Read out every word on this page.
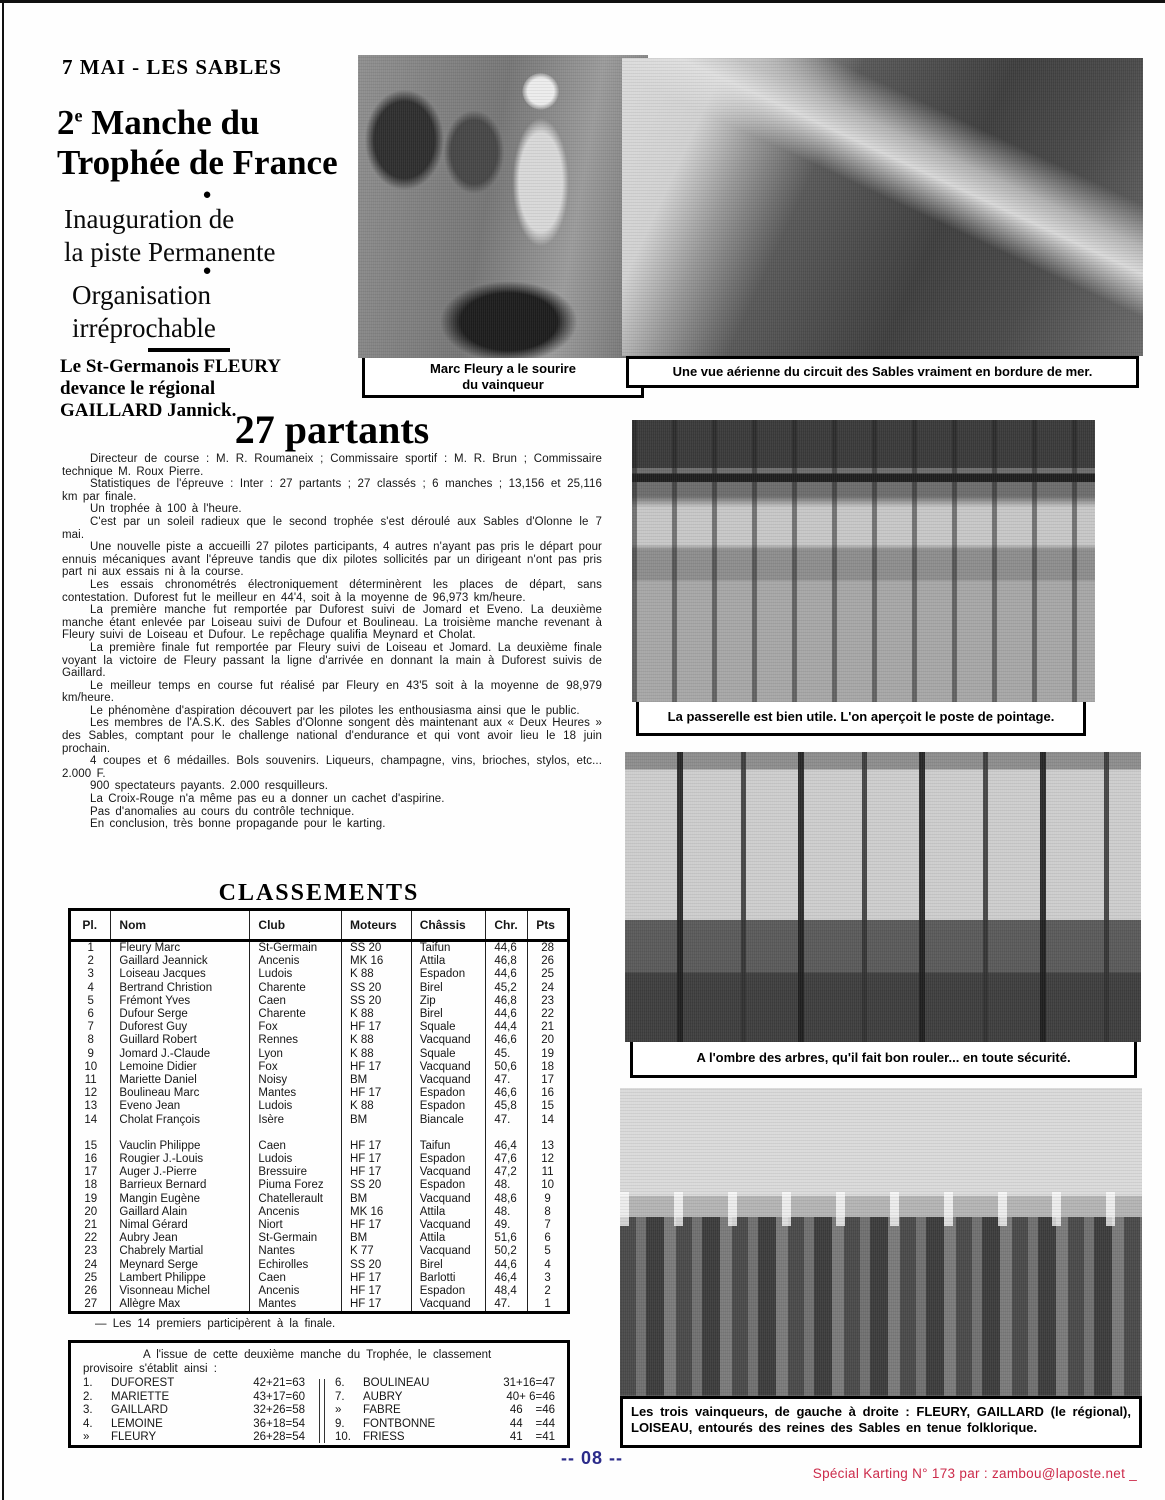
7 MAI - LES SABLES
2e Manche du
Trophée de France
●
Inauguration de
la piste Permanente
●
Organisation
irréprochable
Le St-Germanois FLEURY
devance le régional
GAILLARD Jannick.
Marc Fleury a le sourire
du vainqueur
Une vue aérienne du circuit des Sables vraiment en bordure de mer.
La passerelle est bien utile. L'on aperçoit le poste de pointage.
A l'ombre des arbres, qu'il fait bon rouler... en toute sécurité.
Les trois vainqueurs, de gauche à droite : FLEURY, GAILLARD (le régional), LOISEAU, entourés des reines des Sables en tenue folklorique.
27 partants

Directeur de course : M. R. Roumaneix ; Commissaire sportif : M. R. Brun ; Commissaire technique M. Roux Pierre.

Statistiques de l'épreuve : Inter : 27 partants ; 27 classés ; 6 manches ; 13,156 et 25,116 km par finale.

Un trophée à 100 à l'heure.

C'est par un soleil radieux que le second trophée s'est déroulé aux Sables d'Olonne le 7 mai.

Une nouvelle piste a accueilli 27 pilotes participants, 4 autres n'ayant pas pris le départ pour ennuis mécaniques avant l'épreuve tandis que dix pilotes sollicités par un dirigeant n'ont pas pris part ni aux essais ni à la course.

Les essais chronométrés électroniquement déterminèrent les places de départ, sans contestation. Duforest fut le meilleur en 44'4, soit à la moyenne de 96,973 km/heure.

La première manche fut remportée par Duforest suivi de Jomard et Eveno. La deuxième manche étant enlevée par Loiseau suivi de Dufour et Boulineau. La troisième manche revenant à Fleury suivi de Loiseau et Dufour. Le repêchage qualifia Meynard et Cholat.

La première finale fut remportée par Fleury suivi de Loiseau et Jomard. La deuxième finale voyant la victoire de Fleury passant la ligne d'arrivée en donnant la main à Duforest suivis de Gaillard.

Le meilleur temps en course fut réalisé par Fleury en 43'5 soit à la moyenne de 98,979 km/heure.

Le phénomène d'aspiration découvert par les pilotes les enthousiasma ainsi que le public.

Les membres de l'A.S.K. des Sables d'Olonne songent dès maintenant aux « Deux Heures » des Sables, comptant pour le challenge national d'endurance et qui vont avoir lieu le 18 juin prochain.

4 coupes et 6 médailles. Bols souvenirs. Liqueurs, champagne, vins, brioches, stylos, etc... 2.000 F.

900 spectateurs payants. 2.000 resquilleurs.

La Croix-Rouge n'a même pas eu a donner un cachet d'aspirine.

Pas d'anomalies au cours du contrôle technique.

En conclusion, très bonne propagande pour le karting.

CLASSEMENTS
Pl.	Nom	Club	Moteurs	Châssis	Chr.	Pts
1	Fleury Marc	St-Germain	SS 20	Taifun	44,6	28
2	Gaillard Jeannick	Ancenis	MK 16	Attila	46,8	26
3	Loiseau Jacques	Ludois	K 88	Espadon	44,6	25
4	Bertrand Christion	Charente	SS 20	Birel	45,2	24
5	Frémont Yves	Caen	SS 20	Zip	46,8	23
6	Dufour Serge	Charente	K 88	Birel	44,6	22
7	Duforest Guy	Fox	HF 17	Squale	44,4	21
8	Guillard Robert	Rennes	K 88	Vacquand	46,6	20
9	Jomard J.-Claude	Lyon	K 88	Squale	45.	19
10	Lemoine Didier	Fox	HF 17	Vacquand	50,6	18
11	Mariette Daniel	Noisy	BM	Vacquand	47.	17
12	Boulineau Marc	Mantes	HF 17	Espadon	46,6	16
13	Eveno Jean	Ludois	K 88	Espadon	45,8	15
14	Cholat François	Isère	BM	Biancale	47.	14

15	Vauclin Philippe	Caen	HF 17	Taifun	46,4	13
16	Rougier J.-Louis	Ludois	HF 17	Espadon	47,6	12
17	Auger J.-Pierre	Bressuire	HF 17	Vacquand	47,2	11
18	Barrieux Bernard	Piuma Forez	SS 20	Espadon	48.	10
19	Mangin Eugène	Chatellerault	BM	Vacquand	48,6	9
20	Gaillard Alain	Ancenis	MK 16	Attila	48.	8
21	Nimal Gérard	Niort	HF 17	Vacquand	49.	7
22	Aubry Jean	St-Germain	BM	Attila	51,6	6
23	Chabrely Martial	Nantes	K 77	Vacquand	50,2	5
24	Meynard Serge	Echirolles	SS 20	Birel	44,6	4
25	Lambert Philippe	Caen	HF 17	Barlotti	46,4	3
26	Visonneau Michel	Ancenis	HF 17	Espadon	48,4	2
27	Allègre Max	Mantes	HF 17	Vacquand	47.	1
— Les 14 premiers participèrent à la finale.
A l'issue de cette deuxième manche du Trophée, le classement
provisoire s'établit ainsi :
1.	DUFOREST	42+21=63
2.	MARIETTE	43+17=60
3.	GAILLARD	32+26=58
4.	LEMOINE	36+18=54
»	FLEURY	26+28=54
6.	BOULINEAU	31+16=47
7.	AUBRY	40+ 6=46
»	FABRE	46    =46
9.	FONTBONNE	44    =44
10.	FRIESS	41    =41
-- 08 --
Spécial Karting N° 173 par : zambou@laposte.net _
